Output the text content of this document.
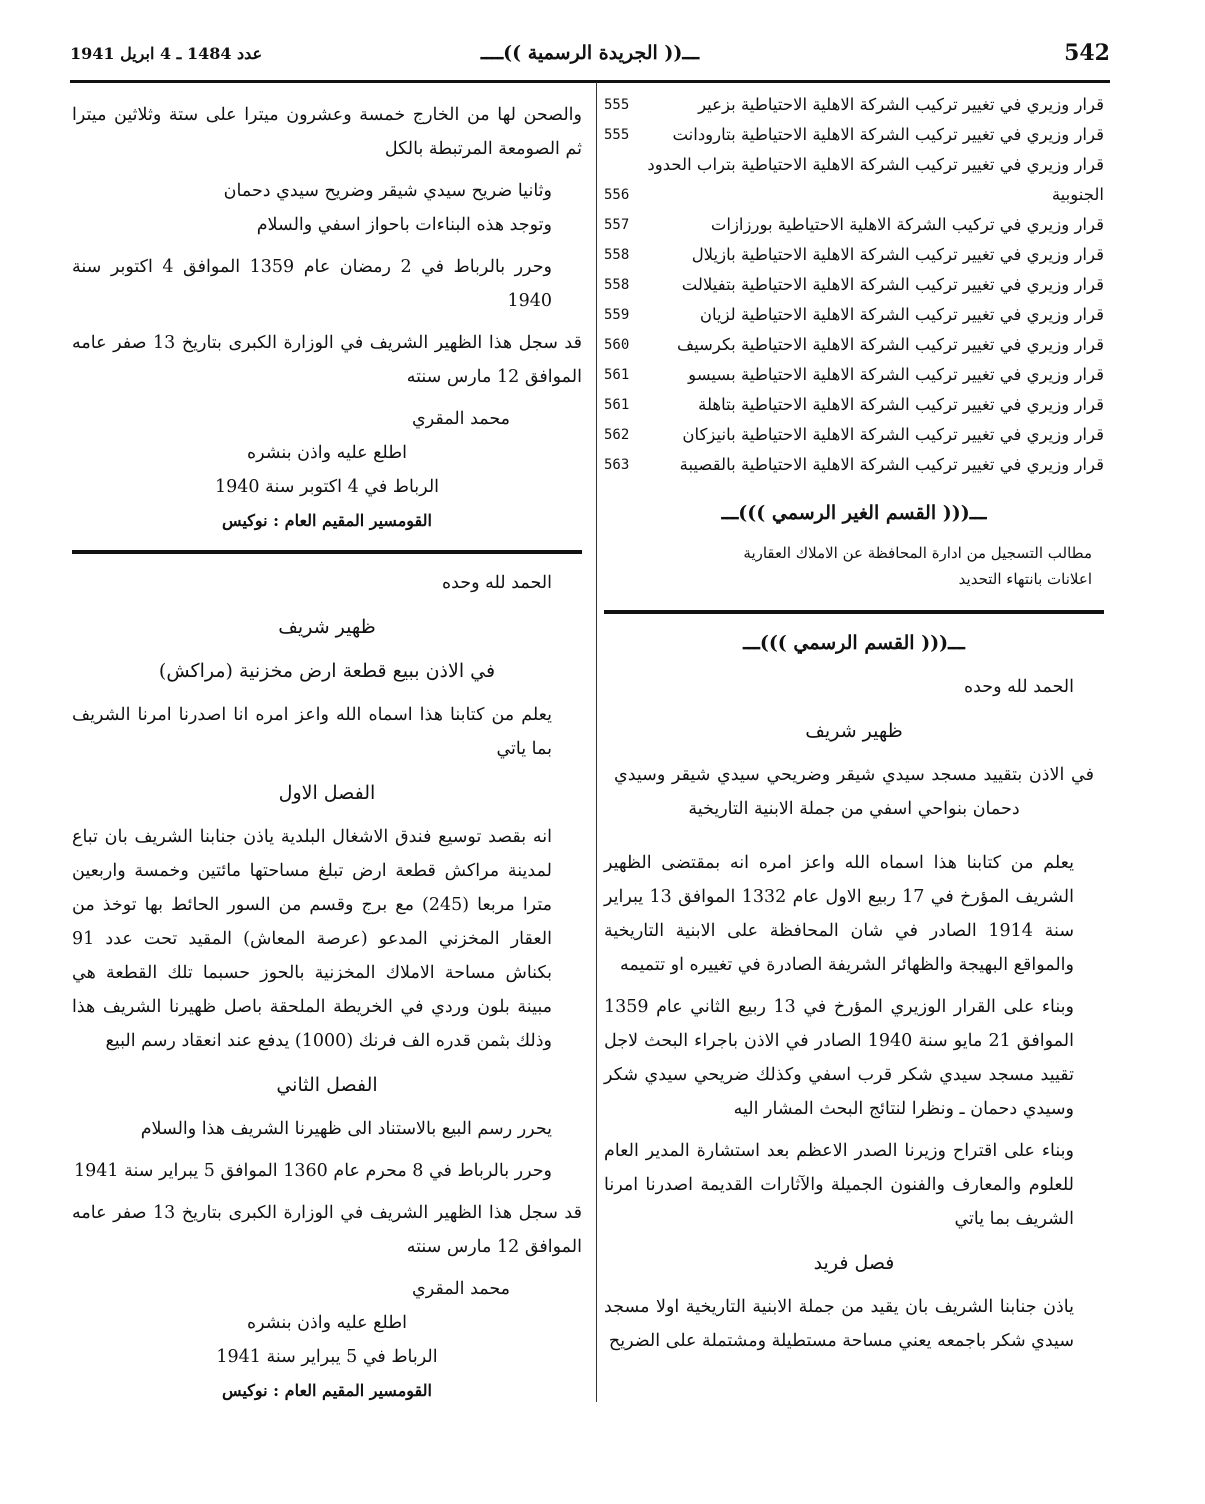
542
ـــ(( الجريدة الرسمية ))ــــ
عدد 1484 ـ 4 ابريل 1941
قرار وزيري في تغيير تركيب الشركة الاهلية الاحتياطية بزعير
555
قرار وزيري في تغيير تركيب الشركة الاهلية الاحتياطية بتارودانت
555
قرار وزيري في تغيير تركيب الشركة الاهلية الاحتياطية بتراب الحدود الجنوبية
556
قرار وزيري في تركيب الشركة الاهلية الاحتياطية بورزازات
557
قرار وزيري في تغيير تركيب الشركة الاهلية الاحتياطية بازيلال
558
قرار وزيري في تغيير تركيب الشركة الاهلية الاحتياطية بتفيلالت
558
قرار وزيري في تغيير تركيب الشركة الاهلية الاحتياطية لزيان
559
قرار وزيري في تغيير تركيب الشركة الاهلية الاحتياطية بكرسيف
560
قرار وزيري في تغيير تركيب الشركة الاهلية الاحتياطية بسيسو
561
قرار وزيري في تغيير تركيب الشركة الاهلية الاحتياطية بتاهلة
561
قرار وزيري في تغيير تركيب الشركة الاهلية الاحتياطية بانيزكان
562
قرار وزيري في تغيير تركيب الشركة الاهلية الاحتياطية بالقصيبة
563
ـــ((( القسم الغير الرسمي )))ـــ
مطالب التسجيل من ادارة المحافظة عن الاملاك العقارية
اعلانات بانتهاء التحديد
ـــ((( القسم الرسمي )))ـــ
الحمد لله وحده
ظهير شريف
في الاذن بتقييد مسجد سيدي شيقر وضريحي سيدي شيقر وسيدي دحمان بنواحي اسفي من جملة الابنية التاريخية

يعلم من كتابنا هذا اسماه الله واعز امره انه بمقتضى الظهير الشريف المؤرخ في 17 ربيع الاول عام 1332 الموافق 13 يبراير سنة 1914 الصادر في شان المحافظة على الابنية التاريخية والمواقع البهيجة والظهائر الشريفة الصادرة في تغييره او تتميمه

وبناء على القرار الوزيري المؤرخ في 13 ربيع الثاني عام 1359 الموافق 21 مايو سنة 1940 الصادر في الاذن باجراء البحث لاجل تقييد مسجد سيدي شكر قرب اسفي وكذلك ضريحي سيدي شكر وسيدي دحمان ـ ونظرا لنتائج البحث المشار اليه

وبناء على اقتراح وزيرنا الصدر الاعظم بعد استشارة المدير العام للعلوم والمعارف والفنون الجميلة والآثارات القديمة اصدرنا امرنا الشريف بما ياتي

فصل فريد

ياذن جنابنا الشريف بان يقيد من جملة الابنية التاريخية اولا مسجد سيدي شكر باجمعه يعني مساحة مستطيلة ومشتملة على الضريح

والصحن لها من الخارج خمسة وعشرون ميترا على ستة وثلاثين ميترا ثم الصومعة المرتبطة بالكل

وثانيا ضريح سيدي شيقر وضريح سيدي دحمان

وتوجد هذه البناءات باحواز اسفي والسلام

وحرر بالرباط في 2 رمضان عام 1359 الموافق 4 اكتوبر سنة 1940

قد سجل هذا الظهير الشريف في الوزارة الكبرى بتاريخ 13 صفر عامه الموافق 12 مارس سنته

محمد المقري

اطلع عليه واذن بنشره

الرباط في 4 اكتوبر سنة 1940

القومسير المقيم العام : نوكيس

الحمد لله وحده

ظهير شريف
في الاذن ببيع قطعة ارض مخزنية (مراكش)

يعلم من كتابنا هذا اسماه الله واعز امره انا اصدرنا امرنا الشريف بما ياتي

الفصل الاول

انه بقصد توسيع فندق الاشغال البلدية ياذن جنابنا الشريف بان تباع لمدينة مراكش قطعة ارض تبلغ مساحتها مائتين وخمسة واربعين مترا مربعا (245) مع برج وقسم من السور الحائط بها توخذ من العقار المخزني المدعو (عرصة المعاش) المقيد تحت عدد 91 بكناش مساحة الاملاك المخزنية بالحوز حسبما تلك القطعة هي مبينة بلون وردي في الخريطة الملحقة باصل ظهيرنا الشريف هذا وذلك بثمن قدره الف فرنك (1000) يدفع عند انعقاد رسم البيع

الفصل الثاني

يحرر رسم البيع بالاستناد الى ظهيرنا الشريف هذا والسلام

وحرر بالرباط في 8 محرم عام 1360 الموافق 5 يبراير سنة 1941

قد سجل هذا الظهير الشريف في الوزارة الكبرى بتاريخ 13 صفر عامه الموافق 12 مارس سنته

محمد المقري

اطلع عليه واذن بنشره

الرباط في 5 يبراير سنة 1941

القومسير المقيم العام : نوكيس
